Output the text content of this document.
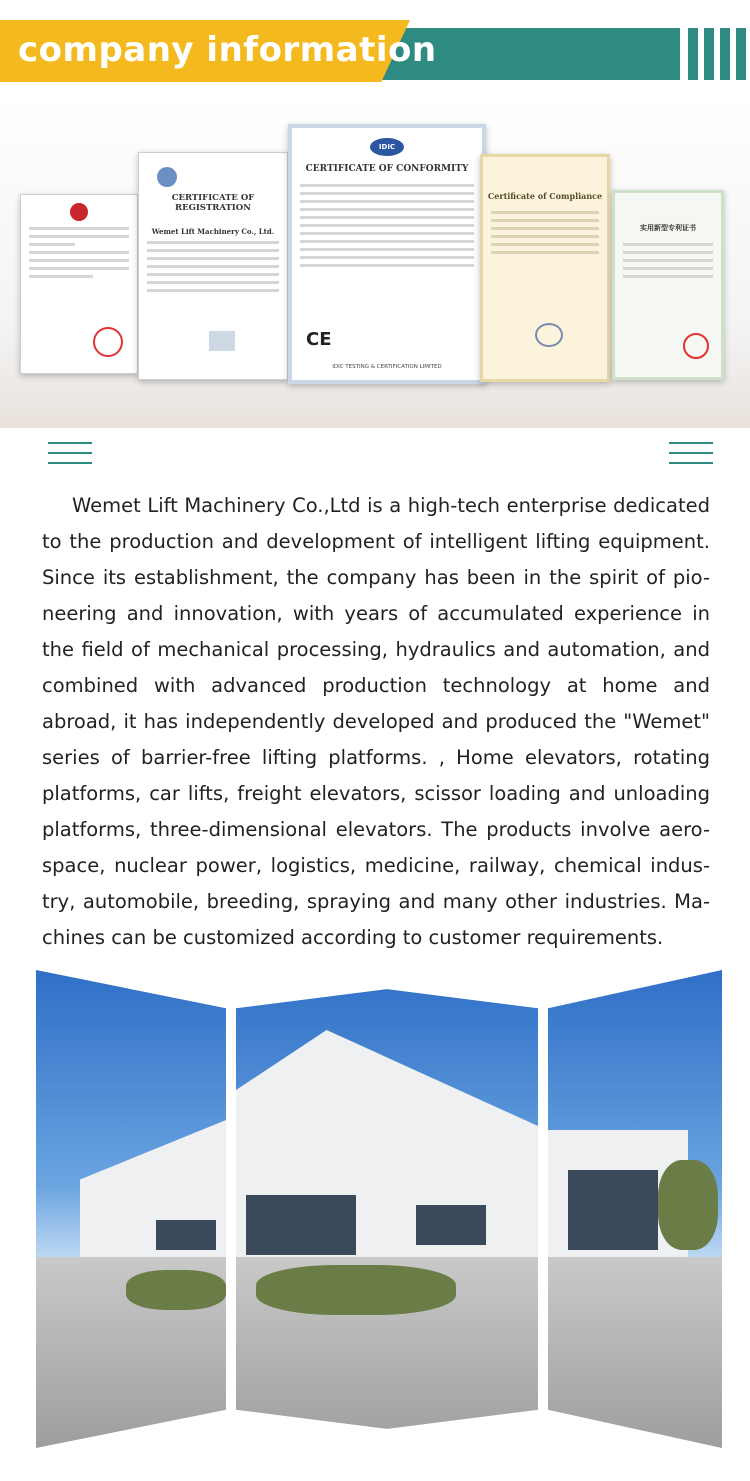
company information
CERTIFICATE OF REGISTRATION
Wemet Lift Machinery Co., Ltd.
IDIC
CERTIFICATE OF CONFORMITY
CE
IDIC TESTING & CERTIFICATION LIMITED
Certificate of Compliance
实用新型专利证书
Wemet Lift Machinery Co.,Ltd is a high-tech enterprise dedicated to the production and development of intelligent lifting equipment. Since its establishment, the company has been in the spirit of pio-neering and innovation, with years of accumulated experience in the field of mechanical processing, hydraulics and automation, and combined with advanced production technology at home and abroad, it has independently developed and produced the "Wemet" series of barrier-free lifting platforms. , Home elevators, rotating platforms, car lifts, freight elevators, scissor loading and unloading platforms, three-dimensional elevators. The products involve aero-space, nuclear power, logistics, medicine, railway, chemical indus-try, automobile, breeding, spraying and many other industries. Ma-chines can be customized according to customer requirements.
